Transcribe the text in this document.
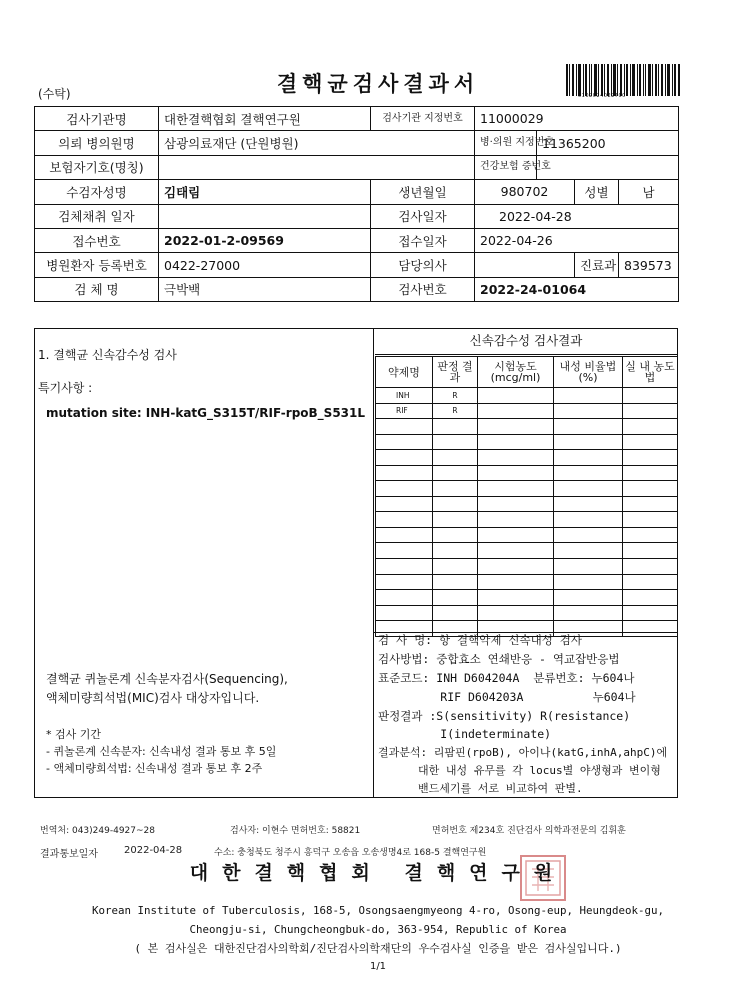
(수탁)	결핵균검사결과서	0102024022700
검사기관명	대한결핵협회 결핵연구원	검사기관 지정번호	11000029			
의뢰 병의원명	삼광의료재단 (단원병원)		병·의원 지정번호	11365200		
보험자기호(명칭)			건강보험 증번호			
수검자성명	김태림	생년월일	980702		성별	남
검체채취 일자		검사일자	2022-04-28			
접수번호	2022-01-2-09569	접수일자	2022-04-26			
병원환자 등록번호	0422-27000	담당의사			진료과	839573
검 체 명	극박백	검사번호	2022-24-01064			
1. 결핵균 신속감수성 검사
특기사항 :
mutation site: INH-katG_S315T/RIF-rpoB_S531L
결핵균 퀴놀론계 신속분자검사(Sequencing),
액체미량희석법(MIC)검사 대상자입니다.
* 검사 기간
- 퀴놀론계 신속분자: 신속내성 결과 통보 후 5일
- 액체미량희석법: 신속내성 결과 통보 후 2주
신속감수성 검사결과
약제명	판정 결과	시험농도 (mcg/ml)	내성 비율법(%)	실 내 농도법
INH	R			
RIF	R			

검 사 명: 항 결핵약제 신속내성 검사
검사방법: 중합효소 연쇄반응 - 역교잡반응법
표준코드: INH D604204A  분류번호: 누604나
RIF D604203A          누604나
판정결과 :S(sensitivity) R(resistance)
I(indeterminate)
결과분석: 리팜핀(rpoB), 아이나(katG,inhA,ahpC)에
대한 내성 유무를 각 locus별 야생형과 변이형
밴드세기를 서로 비교하여 판별.
번역처: 043)249-4927~28	검사자: 이현수 면허번호: 58821	면허번호 제234호 진단검사 의학과전문의 김휘훈
결과통보일자	2022-04-28	수소: 충청북도 청주시 흥덕구 오송읍 오송생명4로 168-5 결핵연구원
대한결핵협회 결핵연구원
Korean Institute of Tuberculosis, 168-5, Osongsaengmyeong 4-ro, Osong-eup, Heungdeok-gu,
Cheongju-si, Chungcheongbuk-do, 363-954, Republic of Korea
( 본 검사실은 대한진단검사의학회/진단검사의학재단의 우수검사실 인증을 받은 검사실입니다.)
1/1
